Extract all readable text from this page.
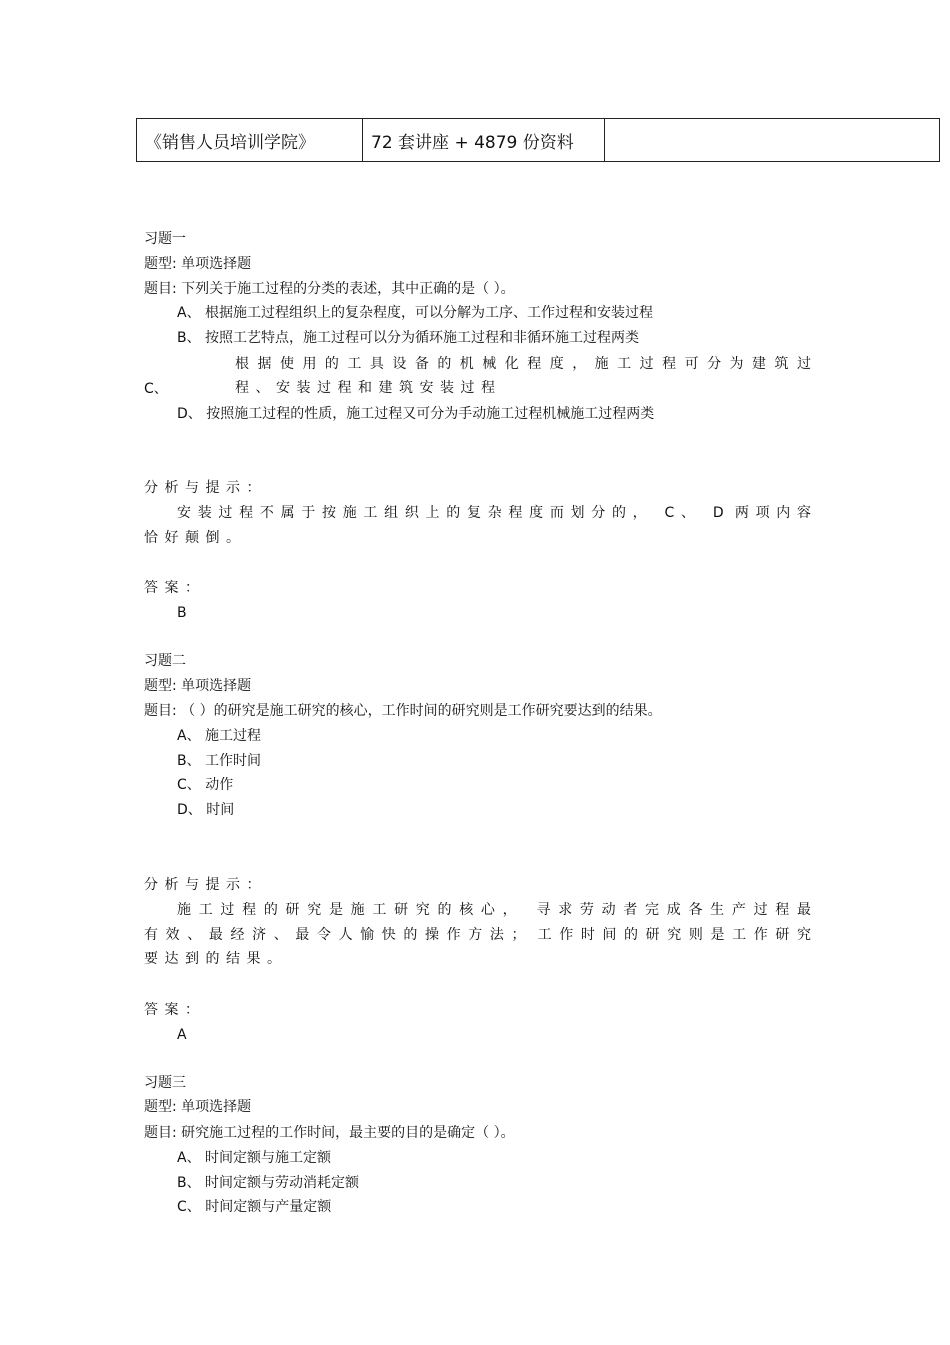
《销售人员培训学院》	72 套讲座 + 4879 份资料	
习题一
题型: 单项选择题
题目: 下列关于施工过程的分类的表述，其中正确的是（ ）。
A、 根据施工过程组织上的复杂程度，可以分解为工序、工作过程和安装过程
B、 按照工艺特点，施工过程可以分为循环施工过程和非循环施工过程两类
根据使用的工具设备的机械化程度，施工过程可分为建筑过
C、	程、安装过程和建筑安装过程
D、 按照施工过程的性质，施工过程又可分为手动施工过程机械施工过程两类
分析与提示：
安装过程不属于按施工组织上的复杂程度而划分的， C、 D 两项内容
恰好颠倒。
答案：
B
习题二
题型: 单项选择题
题目: （ ）的研究是施工研究的核心，工作时间的研究则是工作研究要达到的结果。
A、 施工过程
B、 工作时间
C、 动作
D、 时间
分析与提示：
施工过程的研究是施工研究的核心， 寻求劳动者完成各生产过程最
有效、最经济、最令人愉快的操作方法； 工作时间的研究则是工作研究
要达到的结果。
答案：
A
习题三
题型: 单项选择题
题目: 研究施工过程的工作时间，最主要的目的是确定（ ）。
A、 时间定额与施工定额
B、 时间定额与劳动消耗定额
C、 时间定额与产量定额
